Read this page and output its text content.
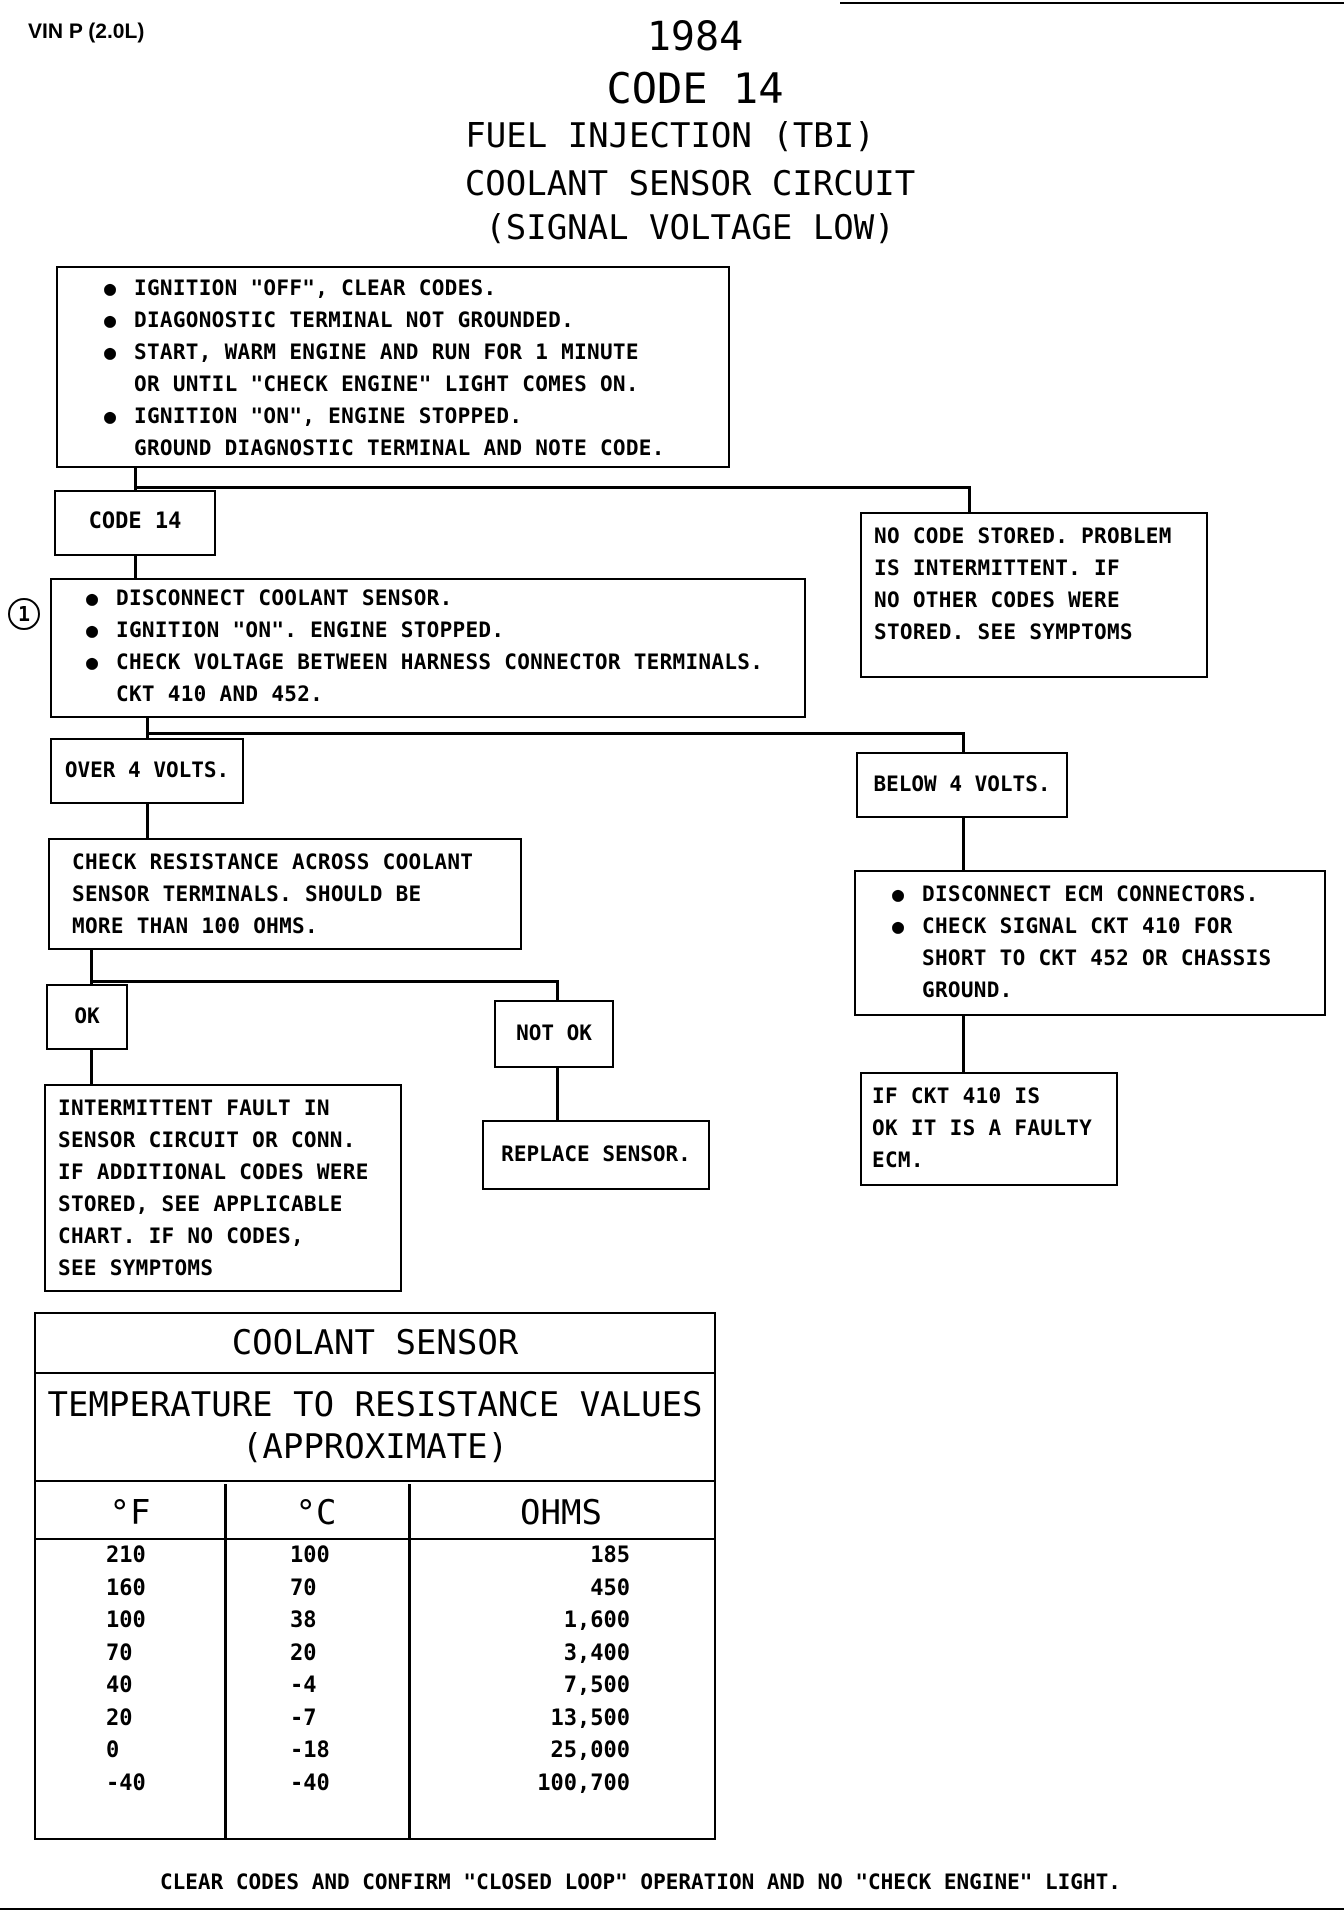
VIN P (2.0L)	1984
CODE 14
FUEL INJECTION (TBI)
COOLANT SENSOR CIRCUIT
(SIGNAL VOLTAGE LOW)
● IGNITION "OFF", CLEAR CODES.
● DIAGONOSTIC TERMINAL NOT GROUNDED.
● START, WARM ENGINE AND RUN FOR 1 MINUTE
OR UNTIL "CHECK ENGINE" LIGHT COMES ON.
● IGNITION "ON", ENGINE STOPPED.
GROUND DIAGNOSTIC TERMINAL AND NOTE CODE.
CODE 14
NO CODE STORED. PROBLEM
IS INTERMITTENT. IF
NO OTHER CODES WERE
STORED. SEE SYMPTOMS
1
● DISCONNECT COOLANT SENSOR.
● IGNITION "ON". ENGINE STOPPED.
● CHECK VOLTAGE BETWEEN HARNESS CONNECTOR TERMINALS.
CKT 410 AND 452.
OVER 4 VOLTS.
BELOW 4 VOLTS.
CHECK RESISTANCE ACROSS COOLANT
SENSOR TERMINALS. SHOULD BE
MORE THAN 100 OHMS.
● DISCONNECT ECM CONNECTORS.
● CHECK SIGNAL CKT 410 FOR
SHORT TO CKT 452 OR CHASSIS
GROUND.
OK
NOT OK
INTERMITTENT FAULT IN
SENSOR CIRCUIT OR CONN.
IF ADDITIONAL CODES WERE
STORED, SEE APPLICABLE
CHART. IF NO CODES,
SEE SYMPTOMS
REPLACE SENSOR.
IF CKT 410 IS
OK IT IS A FAULTY
ECM.
COOLANT SENSOR
TEMPERATURE TO RESISTANCE VALUES
(APPROXIMATE)
°F	°C	OHMS
210	100	185
160	70	450
100	38	1,600
70	20	3,400
40	-4	7,500
20	-7	13,500
0	-18	25,000
-40	-40	100,700
CLEAR CODES AND CONFIRM "CLOSED LOOP" OPERATION AND NO "CHECK ENGINE" LIGHT.
